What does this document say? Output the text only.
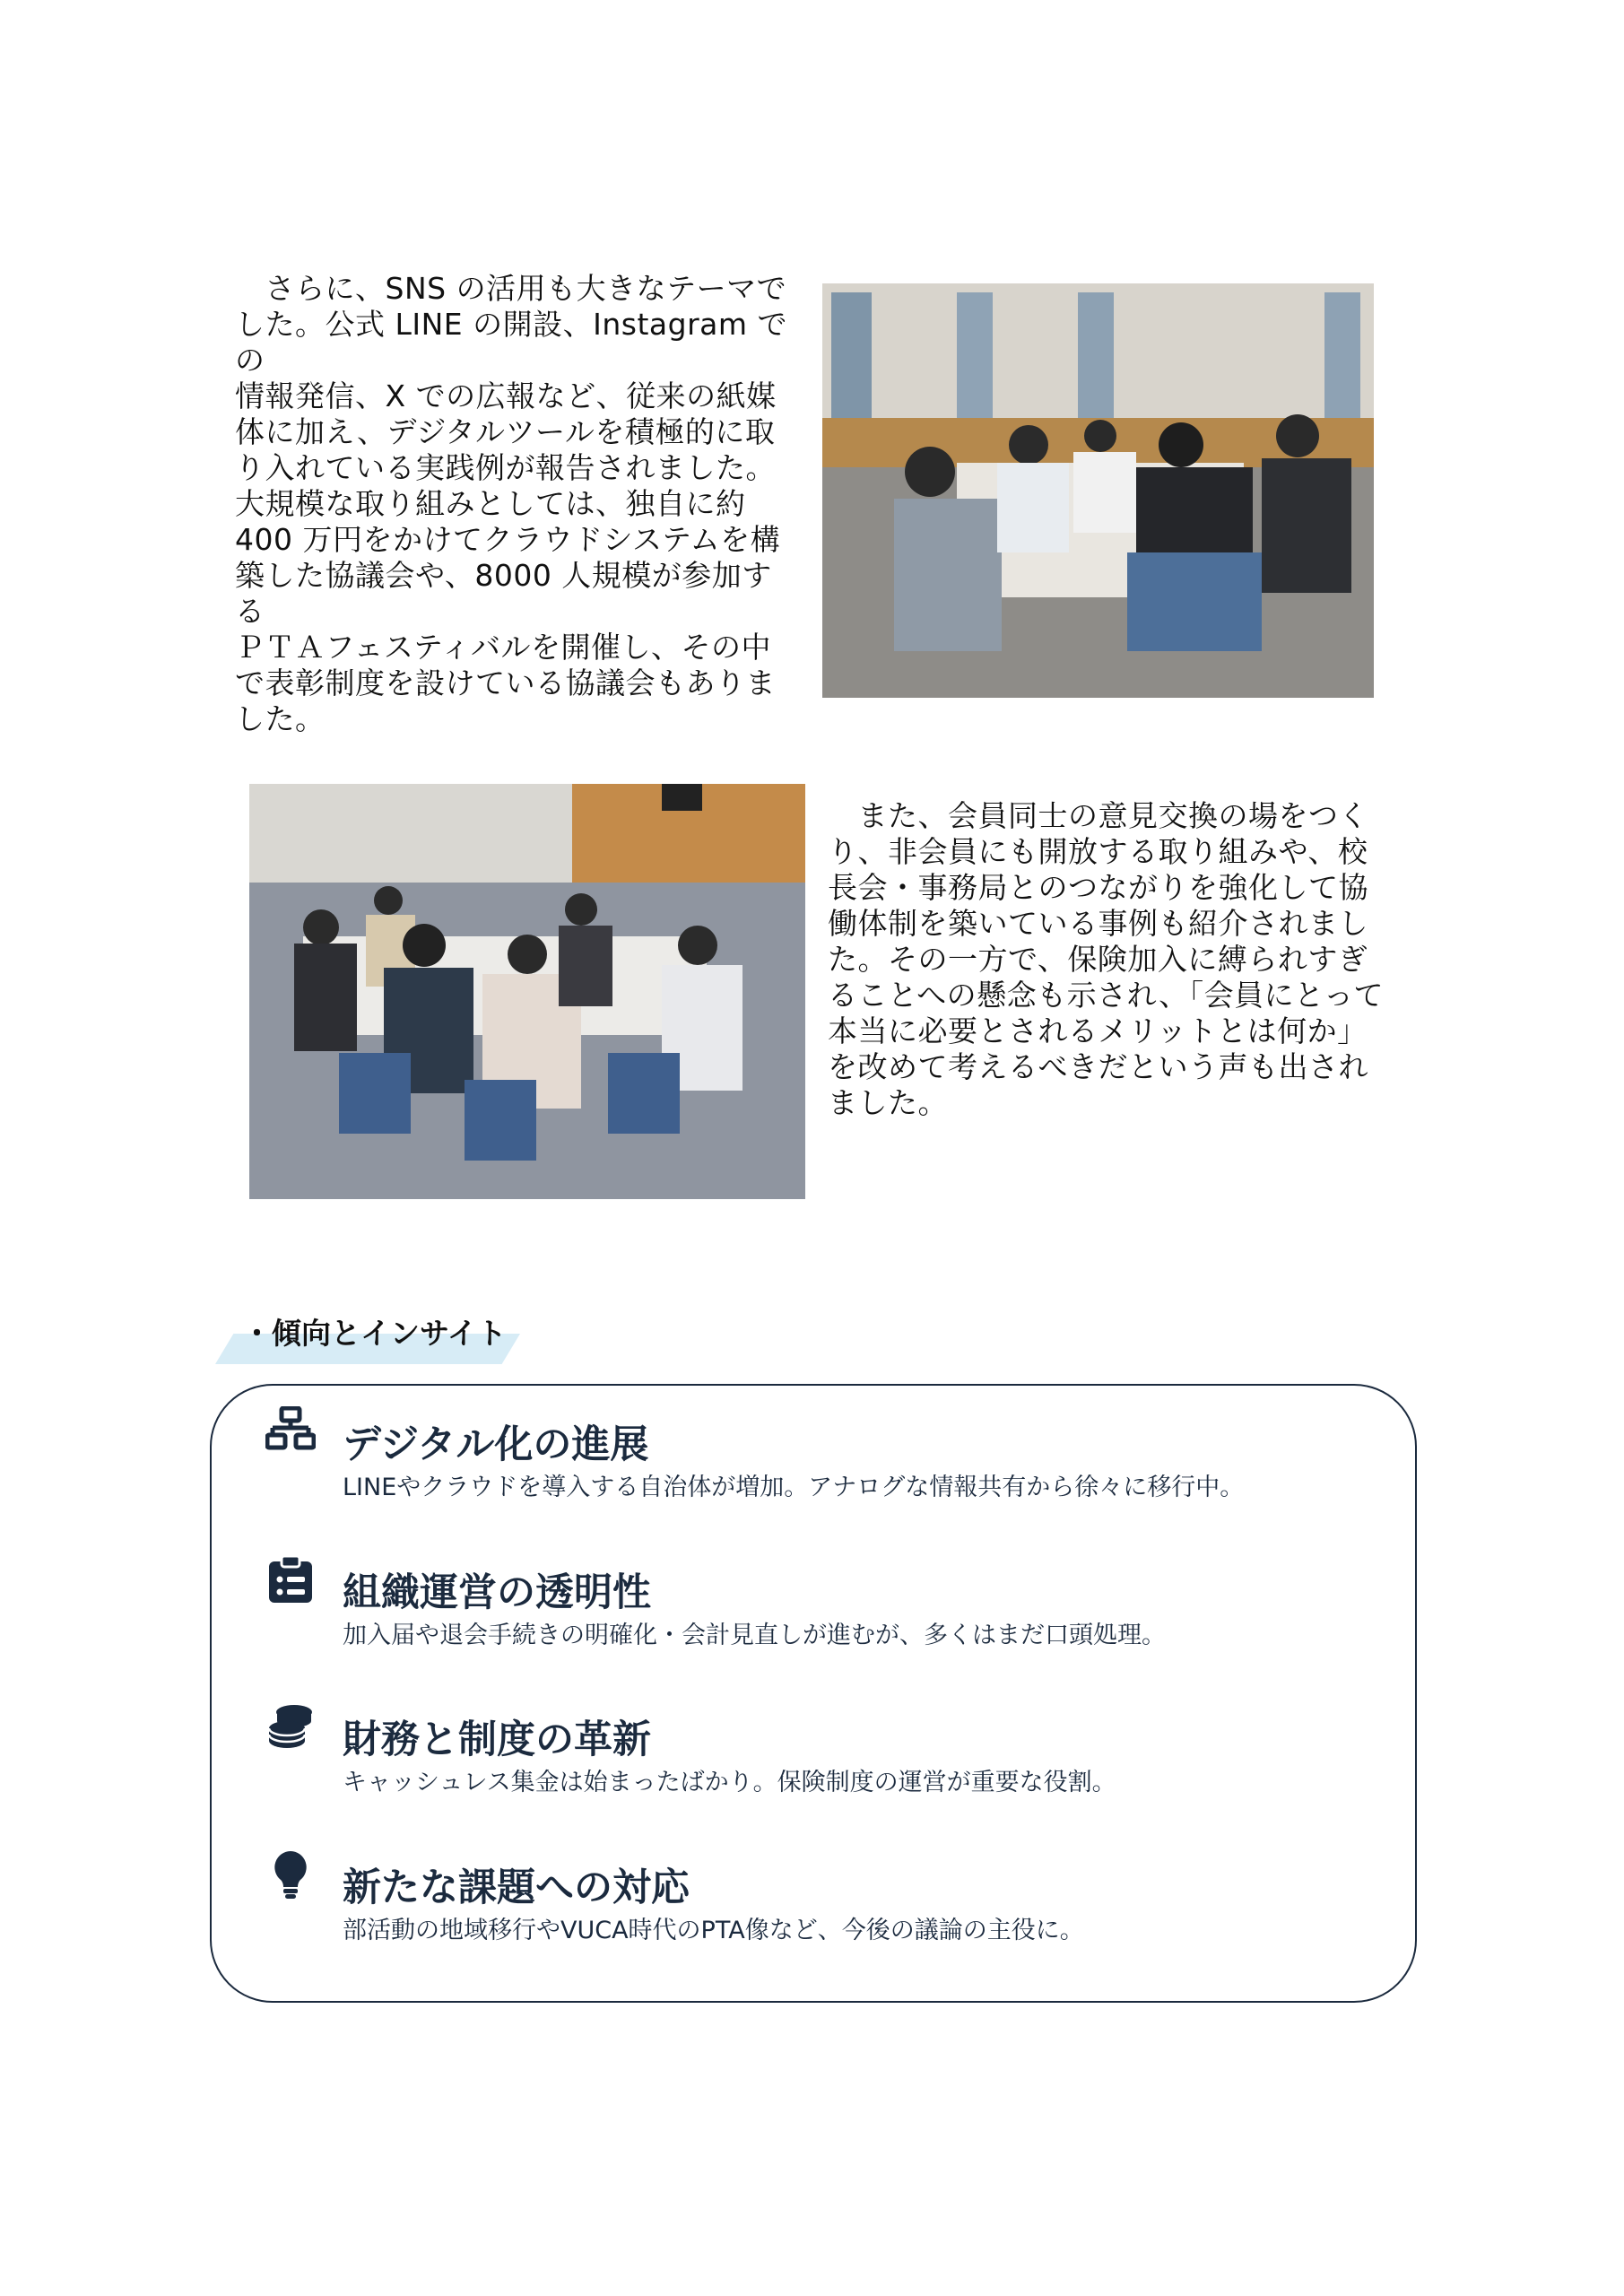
　さらに、SNS の活用も大きなテーマで
した。公式 LINE の開設、Instagram での
情報発信、X での広報など、従来の紙媒
体に加え、デジタルツールを積極的に取
り入れている実践例が報告されました。
大規模な取り組みとしては、独自に約
400 万円をかけてクラウドシステムを構
築した協議会や、8000 人規模が参加する
ＰＴＡフェスティバルを開催し、その中
で表彰制度を設けている協議会もありま
した。
　また、会員同士の意見交換の場をつく
り、非会員にも開放する取り組みや、校
長会・事務局とのつながりを強化して協
働体制を築いている事例も紹介されまし
た。その一方で、保険加入に縛られすぎ
ることへの懸念も示され、「会員にとって
本当に必要とされるメリットとは何か」
を改めて考えるべきだという声も出され
ました。
・傾向とインサイト
デジタル化の進展
LINEやクラウドを導入する自治体が増加。アナログな情報共有から徐々に移行中。
組織運営の透明性
加入届や退会手続きの明確化・会計見直しが進むが、多くはまだ口頭処理。
財務と制度の革新
キャッシュレス集金は始まったばかり。保険制度の運営が重要な役割。
新たな課題への対応
部活動の地域移行やVUCA時代のPTA像など、今後の議論の主役に。
